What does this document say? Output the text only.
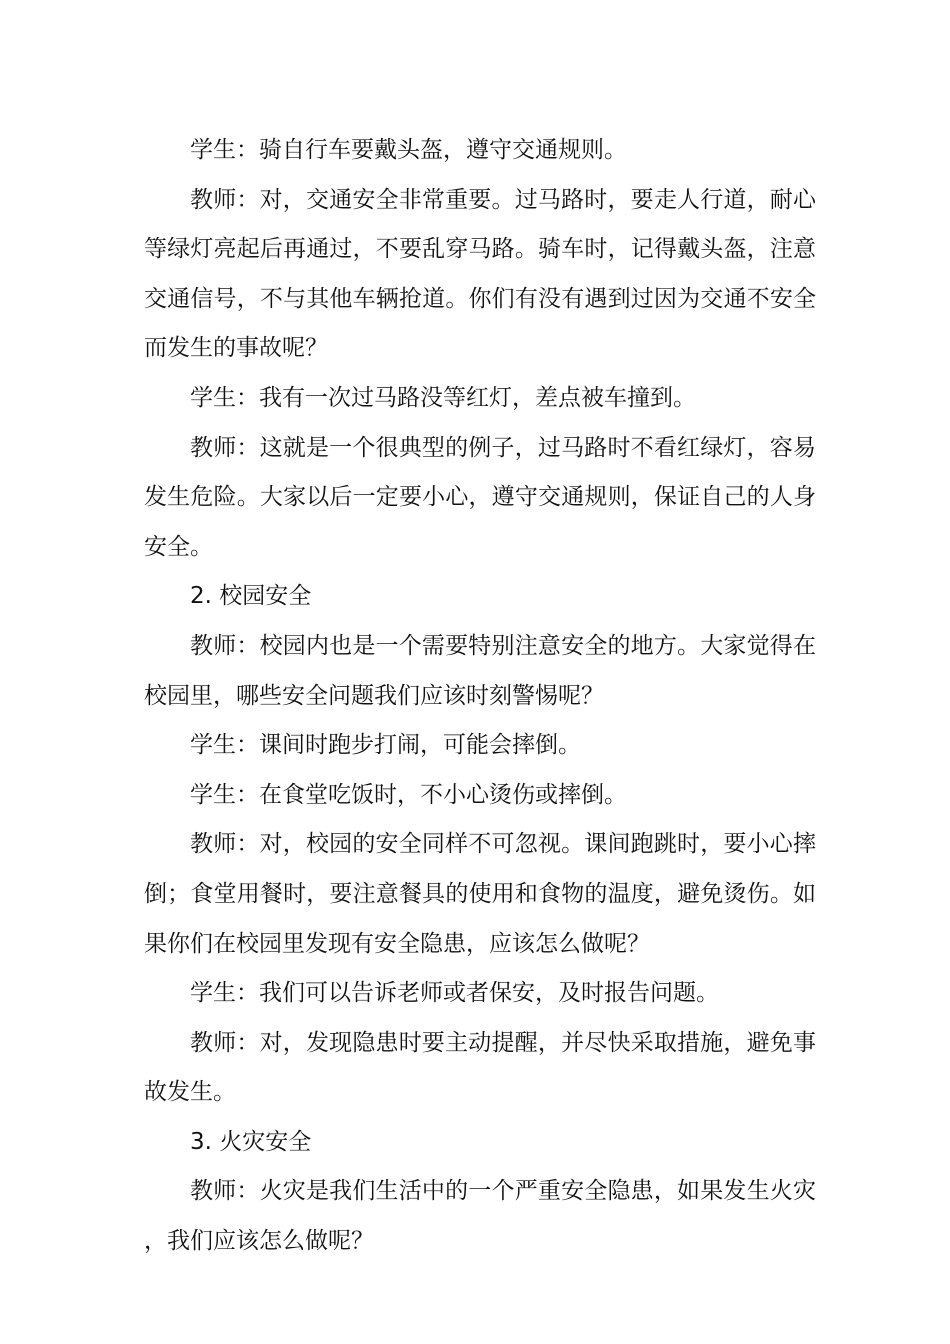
学生：骑自行车要戴头盔，遵守交通规则。

教师：对，交通安全非常重要。过马路时，要走人行道，耐心等绿灯亮起后再通过，不要乱穿马路。骑车时，记得戴头盔，注意交通信号，不与其他车辆抢道。你们有没有遇到过因为交通不安全而发生的事故呢？

学生：我有一次过马路没等红灯，差点被车撞到。

教师：这就是一个很典型的例子，过马路时不看红绿灯，容易发生危险。大家以后一定要小心，遵守交通规则，保证自己的人身安全。

2. 校园安全

教师：校园内也是一个需要特别注意安全的地方。大家觉得在校园里，哪些安全问题我们应该时刻警惕呢？

学生：课间时跑步打闹，可能会摔倒。

学生：在食堂吃饭时，不小心烫伤或摔倒。

教师：对，校园的安全同样不可忽视。课间跑跳时，要小心摔倒；食堂用餐时，要注意餐具的使用和食物的温度，避免烫伤。如果你们在校园里发现有安全隐患，应该怎么做呢？

学生：我们可以告诉老师或者保安，及时报告问题。

教师：对，发现隐患时要主动提醒，并尽快采取措施，避免事故发生。

3. 火灾安全

教师：火灾是我们生活中的一个严重安全隐患，如果发生火灾，我们应该怎么做呢？
